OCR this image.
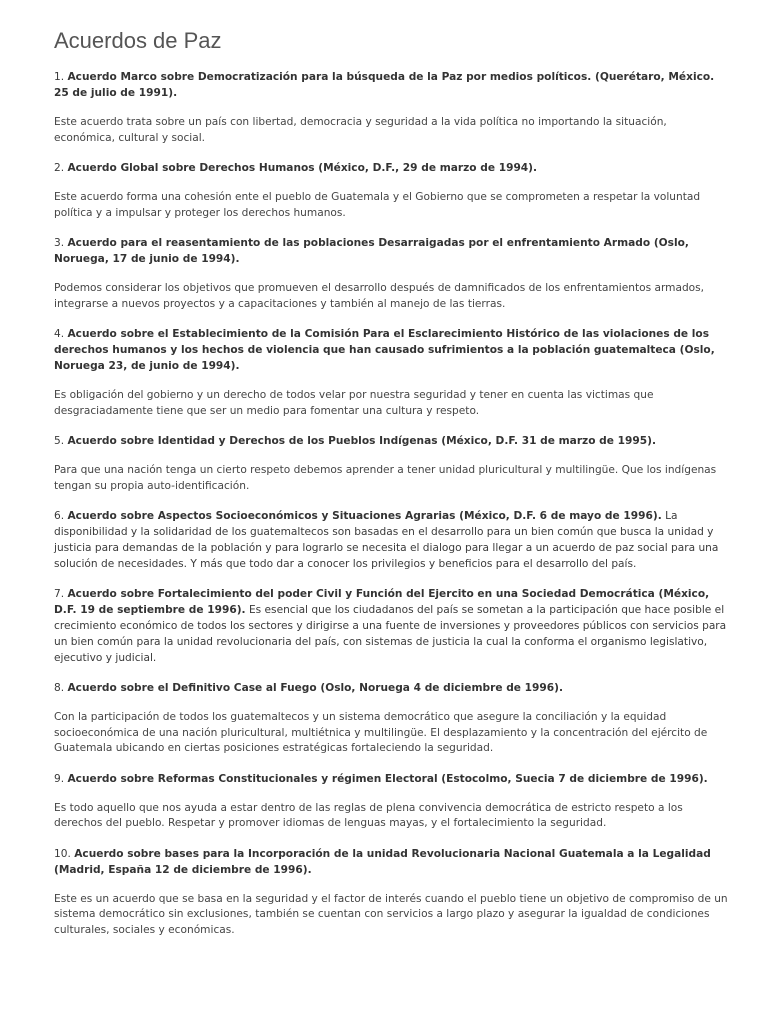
Acuerdos de Paz

1. Acuerdo Marco sobre Democratización para la búsqueda de la Paz por medios políticos. (Querétaro, México. 25 de julio de 1991).

Este acuerdo trata sobre un país con libertad, democracia y seguridad a la vida política no importando la situación, económica, cultural y social.

2. Acuerdo Global sobre Derechos Humanos (México, D.F., 29 de marzo de 1994).

Este acuerdo forma una cohesión ente el pueblo de Guatemala y el Gobierno que se comprometen a respetar la voluntad política y a impulsar y proteger los derechos humanos.

3. Acuerdo para el reasentamiento de las poblaciones Desarraigadas por el enfrentamiento Armado (Oslo, Noruega, 17 de junio de 1994).

Podemos considerar los objetivos que promueven el desarrollo después de damnificados de los enfrentamientos armados, integrarse a nuevos proyectos y a capacitaciones y también al manejo de las tierras.

4. Acuerdo sobre el Establecimiento de la Comisión Para el Esclarecimiento Histórico de las violaciones de los derechos humanos y los hechos de violencia que han causado sufrimientos a la población guatemalteca (Oslo, Noruega 23, de junio de 1994).

Es obligación del gobierno y un derecho de todos velar por nuestra seguridad y tener en cuenta las victimas que desgraciadamente tiene que ser un medio para fomentar una cultura y respeto.

5. Acuerdo sobre Identidad y Derechos de los Pueblos Indígenas (México, D.F. 31 de marzo de 1995).

Para que una nación tenga un cierto respeto debemos aprender a tener unidad pluricultural y multilingüe. Que los indígenas tengan su propia auto-identificación.

6. Acuerdo sobre Aspectos Socioeconómicos y Situaciones Agrarias (México, D.F. 6 de mayo de 1996). La disponibilidad y la solidaridad de los guatemaltecos son basadas en el desarrollo para un bien común que busca la unidad y justicia para demandas de la población y para lograrlo se necesita el dialogo para llegar a un acuerdo de paz social para una solución de necesidades. Y más que todo dar a conocer los privilegios y beneficios para el desarrollo del país.

7. Acuerdo sobre Fortalecimiento del poder Civil y Función del Ejercito en una Sociedad Democrática (México, D.F. 19 de septiembre de 1996). Es esencial que los ciudadanos del país se sometan a la participación que hace posible el crecimiento económico de todos los sectores y dirigirse a una fuente de inversiones y proveedores públicos con servicios para un bien común para la unidad revolucionaria del país, con sistemas de justicia la cual la conforma el organismo legislativo, ejecutivo y judicial.

8. Acuerdo sobre el Definitivo Case al Fuego (Oslo, Noruega 4 de diciembre de 1996).

Con la participación de todos los guatemaltecos y un sistema democrático que asegure la conciliación y la equidad socioeconómica de una nación pluricultural, multiétnica y multilingüe. El desplazamiento y la concentración del ejército de Guatemala ubicando en ciertas posiciones estratégicas fortaleciendo la seguridad.

9. Acuerdo sobre Reformas Constitucionales y régimen Electoral (Estocolmo, Suecia 7 de diciembre de 1996).

Es todo aquello que nos ayuda a estar dentro de las reglas de plena convivencia democrática de estricto respeto a los derechos del pueblo. Respetar y promover idiomas de lenguas mayas, y el fortalecimiento la seguridad.

10. Acuerdo sobre bases para la Incorporación de la unidad Revolucionaria Nacional Guatemala a la Legalidad (Madrid, España 12 de diciembre de 1996).

Este es un acuerdo que se basa en la seguridad y el factor de interés cuando el pueblo tiene un objetivo de compromiso de un sistema democrático sin exclusiones, también se cuentan con servicios a largo plazo y asegurar la igualdad de condiciones culturales, sociales y económicas.
